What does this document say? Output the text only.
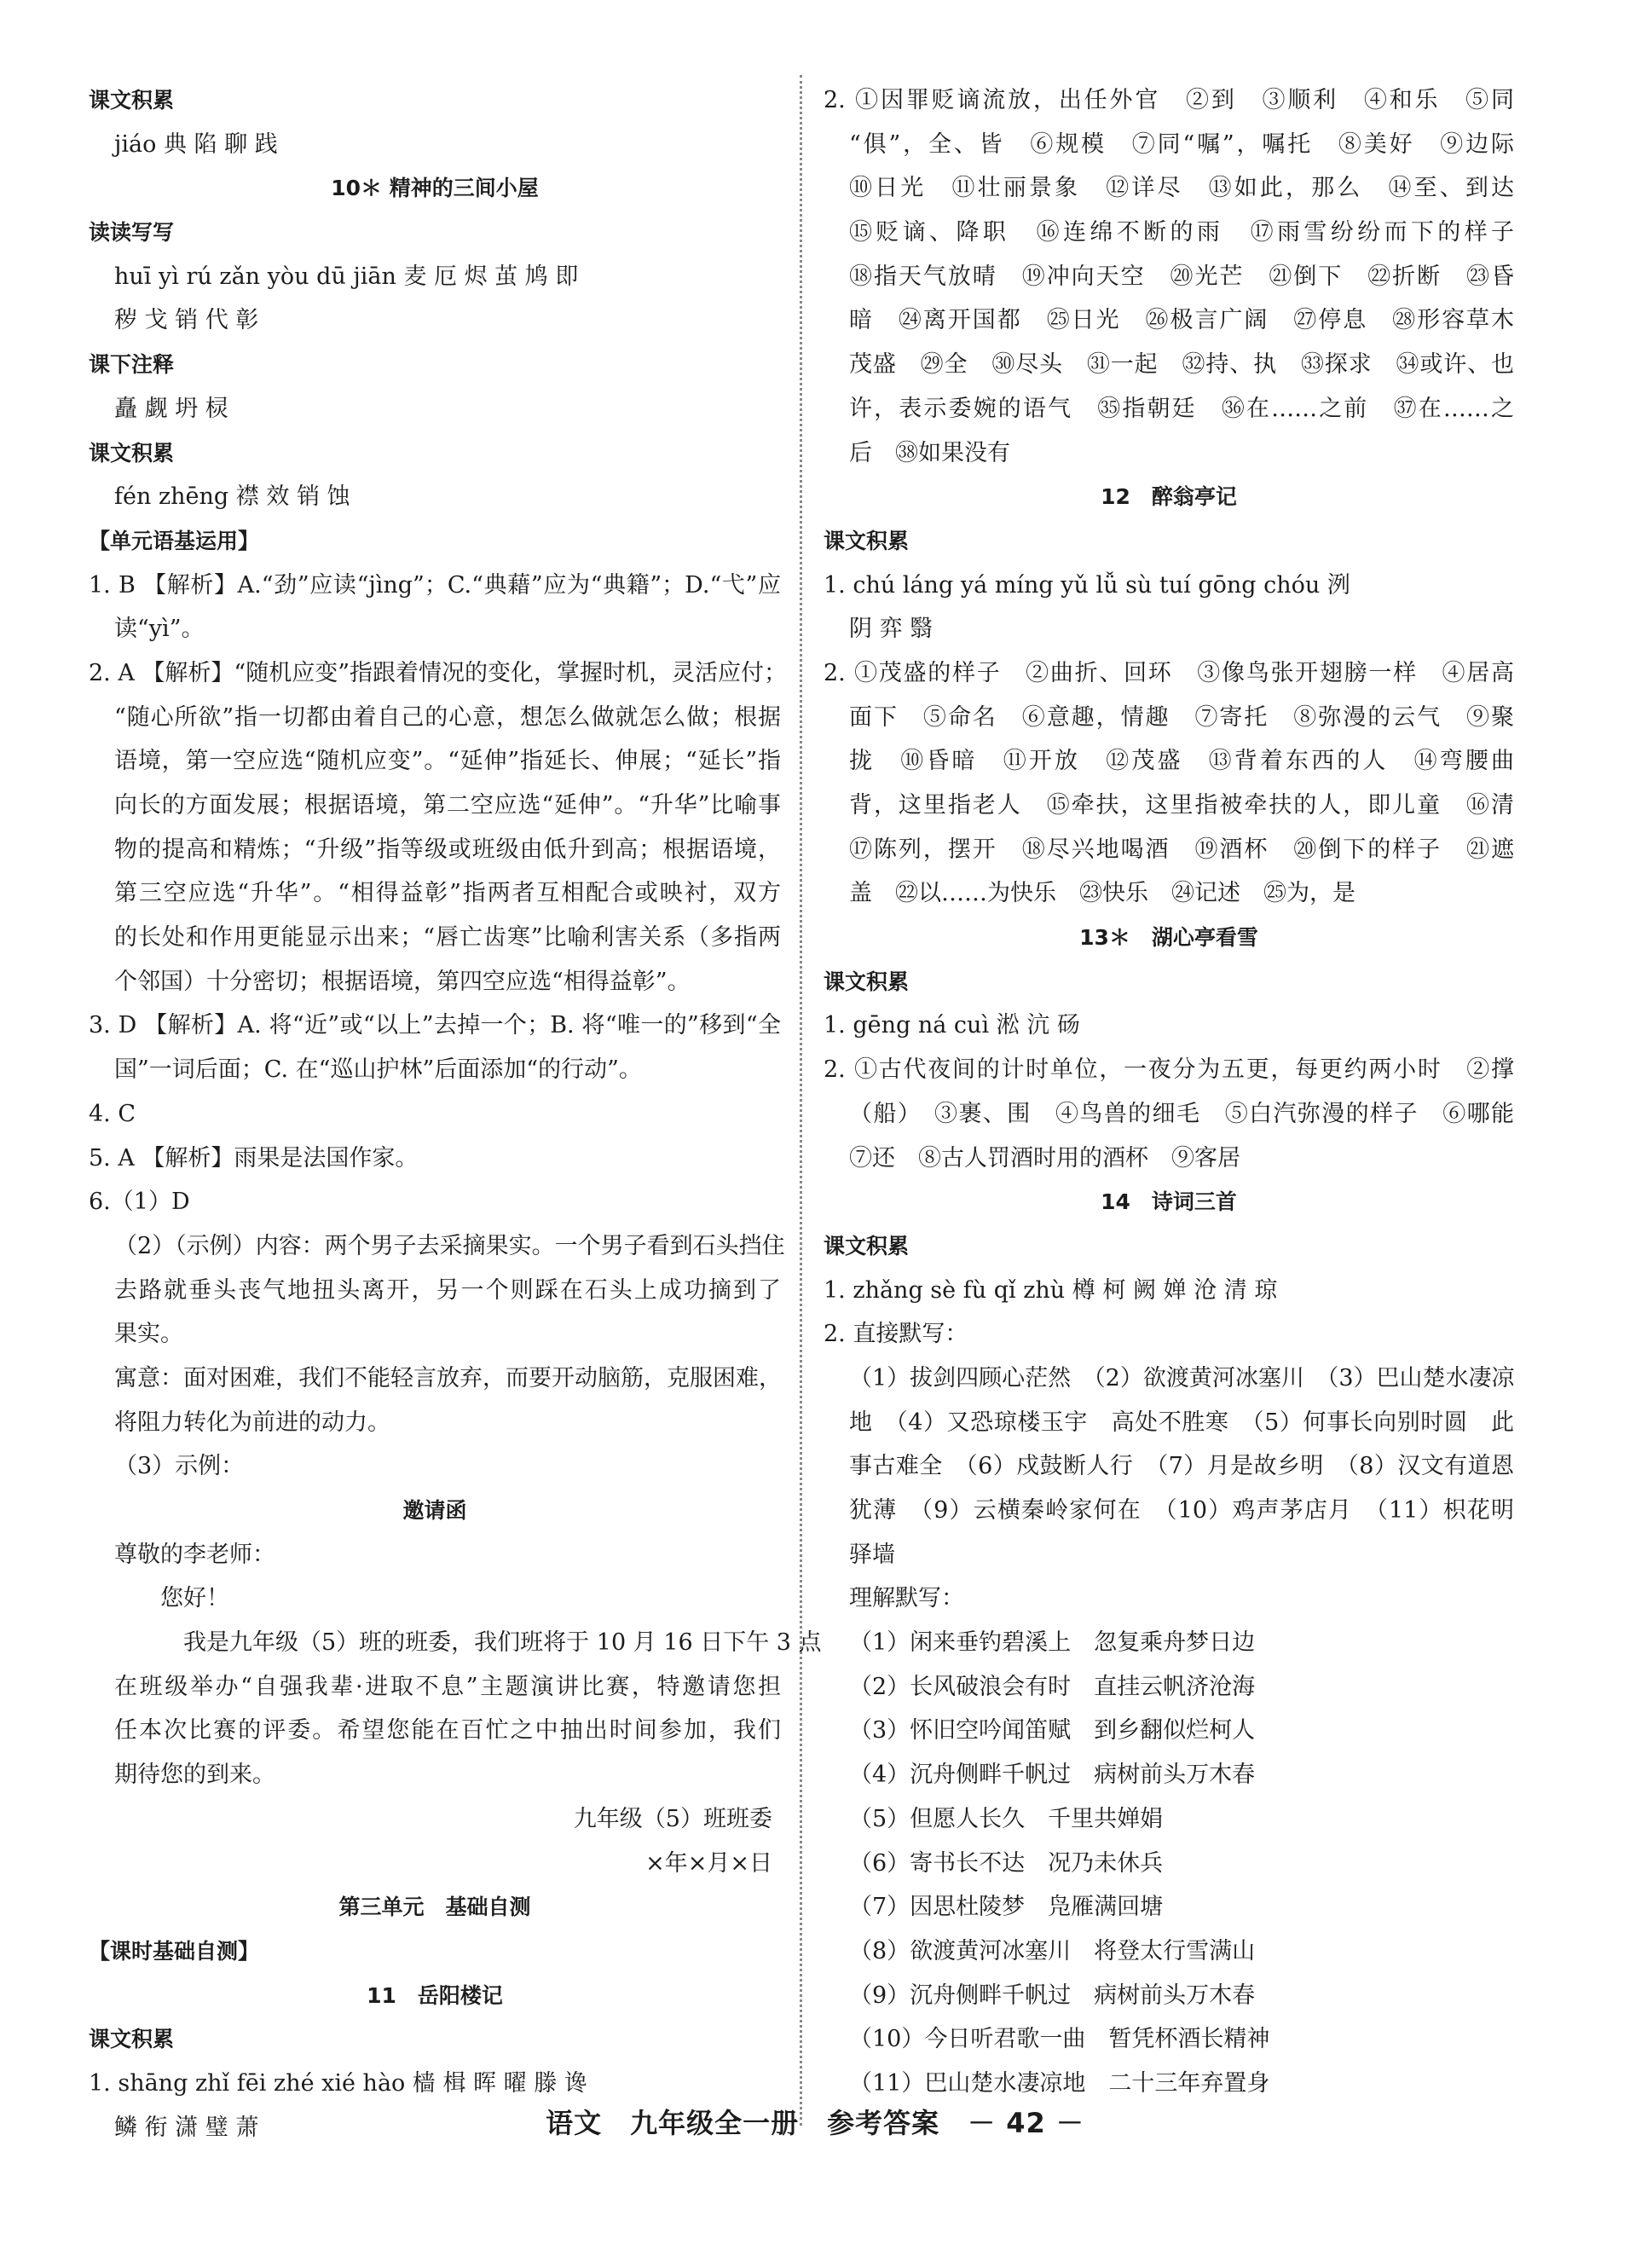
课文积累
jiáo 典 陷 聊 践
10＊ 精神的三间小屋
读读写写
huī yì rú zǎn yòu dū jiān 麦 厄 烬 茧 鸠 即
秽 戈 销 代 彰
课下注释
矗 觑 坍 棂
课文积累
fén zhēng 襟 效 销 蚀
【单元语基运用】
1. B 【解析】A.“劲”应读“jìng”；C.“典藉”应为“典籍”；D.“弋”应
读“yì”。
2. A 【解析】“随机应变”指跟着情况的变化，掌握时机，灵活应付；
“随心所欲”指一切都由着自己的心意，想怎么做就怎么做；根据
语境，第一空应选“随机应变”。“延伸”指延长、伸展；“延长”指
向长的方面发展；根据语境，第二空应选“延伸”。“升华”比喻事
物的提高和精炼；“升级”指等级或班级由低升到高；根据语境，
第三空应选“升华”。“相得益彰”指两者互相配合或映衬，双方
的长处和作用更能显示出来；“唇亡齿寒”比喻利害关系（多指两
个邻国）十分密切；根据语境，第四空应选“相得益彰”。
3. D 【解析】A. 将“近”或“以上”去掉一个；B. 将“唯一的”移到“全
国”一词后面；C. 在“巡山护林”后面添加“的行动”。
4. C
5. A 【解析】雨果是法国作家。
6.（1）D
（2）（示例）内容：两个男子去采摘果实。一个男子看到石头挡住
去路就垂头丧气地扭头离开，另一个则踩在石头上成功摘到了
果实。
寓意：面对困难，我们不能轻言放弃，而要开动脑筋，克服困难，
将阻力转化为前进的动力。
（3）示例：
邀请函
尊敬的李老师：
　　您好！
　　　我是九年级（5）班的班委，我们班将于 10 月 16 日下午 3 点
在班级举办“自强我辈·进取不息”主题演讲比赛，特邀请您担
任本次比赛的评委。希望您能在百忙之中抽出时间参加，我们
期待您的到来。
九年级（5）班班委
×年×月×日
第三单元　基础自测
【课时基础自测】
11　岳阳楼记
课文积累
1. shāng zhǐ fēi zhé xié hào 樯 楫 晖 曜 滕 谗
鳞 衔 潇 璧 萧
2. ①因罪贬谪流放，出任外官　②到　③顺利　④和乐　⑤同
“俱”，全、皆　⑥规模　⑦同“嘱”，嘱托　⑧美好　⑨边际
⑩日光　⑪壮丽景象　⑫详尽　⑬如此，那么　⑭至、到达
⑮贬谪、降职　⑯连绵不断的雨　⑰雨雪纷纷而下的样子
⑱指天气放晴　⑲冲向天空　⑳光芒　㉑倒下　㉒折断　㉓昏
暗　㉔离开国都　㉕日光　㉖极言广阔　㉗停息　㉘形容草木
茂盛　㉙全　㉚尽头　㉛一起　㉜持、执　㉝探求　㉞或许、也
许，表示委婉的语气　㉟指朝廷　㊱在……之前　㊲在……之
后　㊳如果没有
12　醉翁亭记
课文积累
1. chú láng yá míng yǔ lǚ sù tuí gōng chóu 洌
阴 弈 翳
2. ①茂盛的样子　②曲折、回环　③像鸟张开翅膀一样　④居高
面下　⑤命名　⑥意趣，情趣　⑦寄托　⑧弥漫的云气　⑨聚
拢　⑩昏暗　⑪开放　⑫茂盛　⑬背着东西的人　⑭弯腰曲
背，这里指老人　⑮牵扶，这里指被牵扶的人，即儿童　⑯清
⑰陈列，摆开　⑱尽兴地喝酒　⑲酒杯　⑳倒下的样子　㉑遮
盖　㉒以……为快乐　㉓快乐　㉔记述　㉕为，是
13＊　湖心亭看雪
课文积累
1. gēng ná cuì 淞 沆 砀
2. ①古代夜间的计时单位，一夜分为五更，每更约两小时　②撑
（船）　③裹、围　④鸟兽的细毛　⑤白汽弥漫的样子　⑥哪能
⑦还　⑧古人罚酒时用的酒杯　⑨客居
14　诗词三首
课文积累
1. zhǎng sè fù qǐ zhù 樽 柯 阙 婵 沧 清 琼
2. 直接默写：
（1）拔剑四顾心茫然　（2）欲渡黄河冰塞川　（3）巴山楚水凄凉
地　（4）又恐琼楼玉宇　高处不胜寒　（5）何事长向别时圆　此
事古难全　（6）戍鼓断人行　（7）月是故乡明　（8）汉文有道恩
犹薄　（9）云横秦岭家何在　（10）鸡声茅店月　（11）枳花明
驿墙
理解默写：
（1）闲来垂钓碧溪上　忽复乘舟梦日边
（2）长风破浪会有时　直挂云帆济沧海
（3）怀旧空吟闻笛赋　到乡翻似烂柯人
（4）沉舟侧畔千帆过　病树前头万木春
（5）但愿人长久　千里共婵娟
（6）寄书长不达　况乃未休兵
（7）因思杜陵梦　凫雁满回塘
（8）欲渡黄河冰塞川　将登太行雪满山
（9）沉舟侧畔千帆过　病树前头万木春
（10）今日听君歌一曲　暂凭杯酒长精神
（11）巴山楚水凄凉地　二十三年弃置身
语文　九年级全一册　参考答案　－ 42 －
